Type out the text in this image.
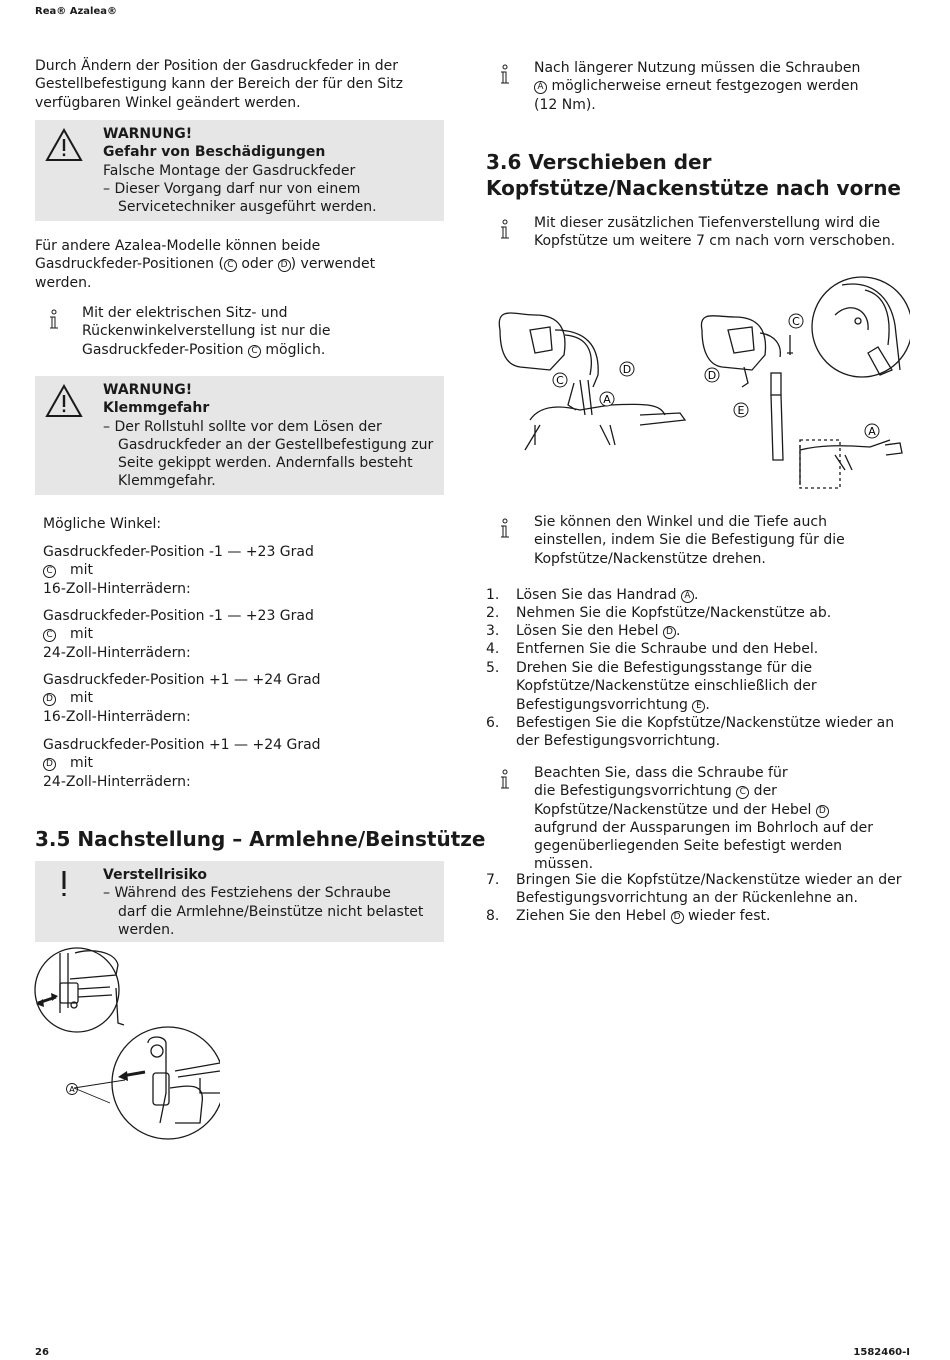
Rea® Azalea®
Durch Ändern der Position der Gasdruckfeder in der
Gestellbefestigung kann der Bereich der für den Sitz
verfügbaren Winkel geändert werden.
WARNUNG!
Gefahr von Beschädigungen
Falsche Montage der Gasdruckfeder
– Dieser Vorgang darf nur von einem
Servicetechniker ausgeführt werden.
Für andere Azalea-Modelle können beide
Gasdruckfeder-Positionen ( C oder D ) verwendet
werden.
Mit der elektrischen Sitz- und
Rückenwinkelverstellung ist nur die
Gasdruckfeder-Position C möglich.
WARNUNG!
Klemmgefahr
– Der Rollstuhl sollte vor dem Lösen der
Gasdruckfeder an der Gestellbefestigung zur
Seite gekippt werden. Andernfalls besteht
Klemmgefahr.
Mögliche Winkel:
Gasdruckfeder-Position -1 — +23 Grad
C mit
16-Zoll-Hinterrädern:
Gasdruckfeder-Position -1 — +23 Grad
C mit
24-Zoll-Hinterrädern:
Gasdruckfeder-Position +1 — +24 Grad
D mit
16-Zoll-Hinterrädern:
Gasdruckfeder-Position +1 — +24 Grad
D mit
24-Zoll-Hinterrädern:
3.5 Nachstellung – Armlehne/Beinstütze
Verstellrisiko
– Während des Festziehens der Schraube
darf die Armlehne/Beinstütze nicht belastet
werden.
A
Nach längerer Nutzung müssen die Schrauben
A möglicherweise erneut festgezogen werden
(12 Nm).
3.6 Verschieben der
Kopfstütze/Nackenstütze nach vorne
Mit dieser zusätzlichen Tiefenverstellung wird die
Kopfstütze um weitere 7 cm nach vorn verschoben.
C
D
A
D
C
E
A
Sie können den Winkel und die Tiefe auch
einstellen, indem Sie die Befestigung für die
Kopfstütze/Nackenstütze drehen.
1. Lösen Sie das Handrad A .
2. Nehmen Sie die Kopfstütze/Nackenstütze ab.
3. Lösen Sie den Hebel D .
4. Entfernen Sie die Schraube und den Hebel.
5. Drehen Sie die Befestigungsstange für die
Kopfstütze/Nackenstütze einschließlich der
Befestigungsvorrichtung E .
6. Befestigen Sie die Kopfstütze/Nackenstütze wieder an
der Befestigungsvorrichtung.
Beachten Sie, dass die Schraube für
die Befestigungsvorrichtung C der
Kopfstütze/Nackenstütze und der Hebel D
aufgrund der Aussparungen im Bohrloch auf der
gegenüberliegenden Seite befestigt werden müssen.
7. Bringen Sie die Kopfstütze/Nackenstütze wieder an der
Befestigungsvorrichtung an der Rückenlehne an.
8. Ziehen Sie den Hebel D wieder fest.
26	1582460-I
